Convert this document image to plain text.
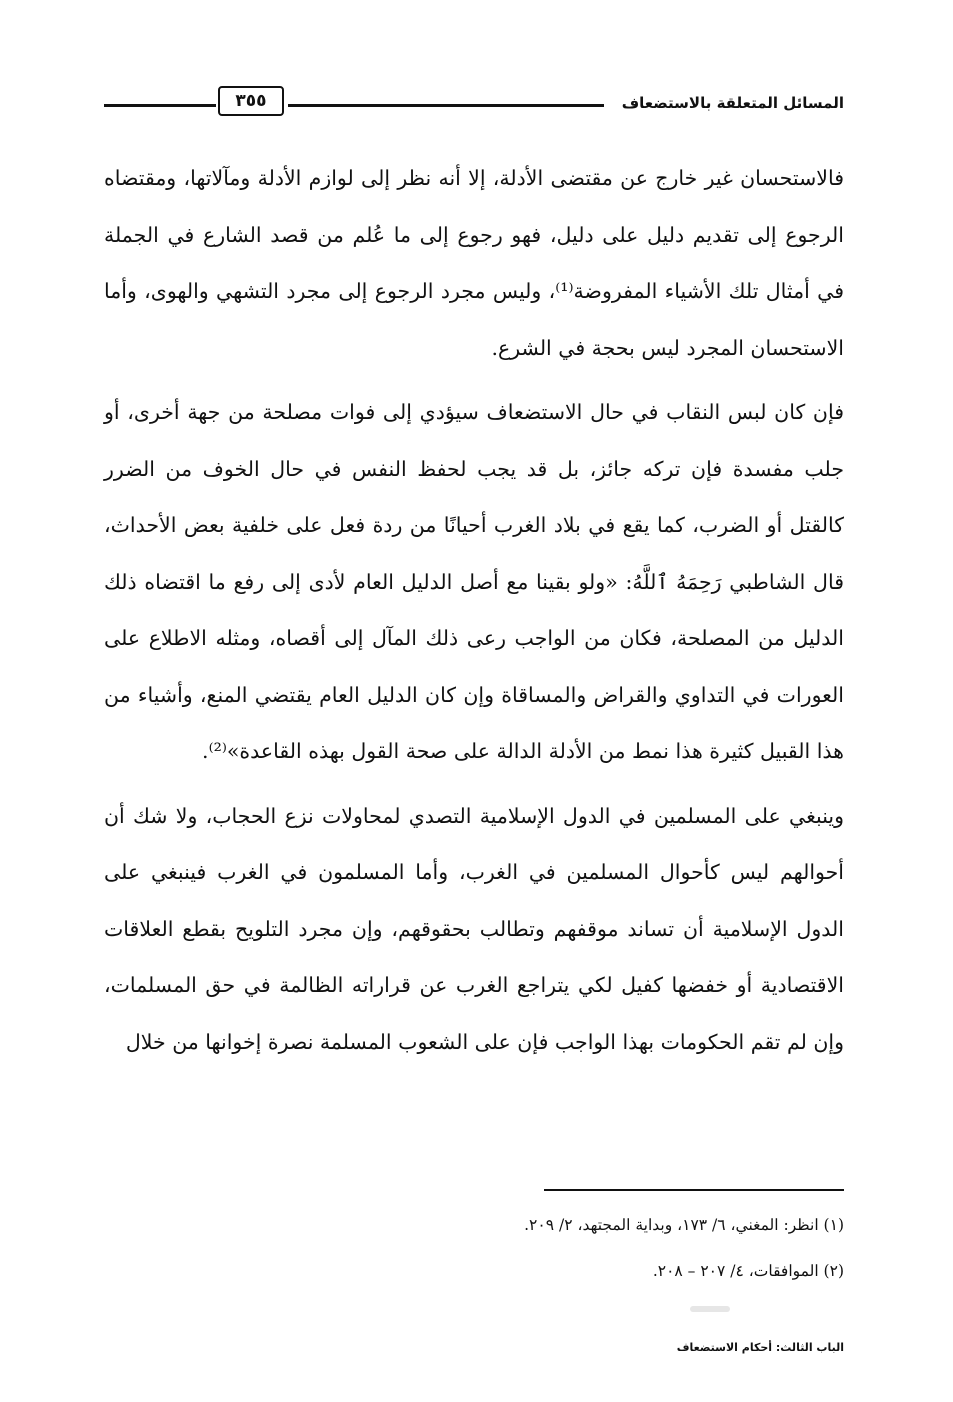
٣٥٥	المسائل المتعلقة بالاستضعاف

فالاستحسان غير خارج عن مقتضى الأدلة، إلا أنه نظر إلى لوازم الأدلة ومآلاتها، ومقتضاه الرجوع إلى تقديم دليل على دليل، فهو رجوع إلى ما عُلم من قصد الشارع في الجملة في أمثال تلك الأشياء المفروضة⁽¹⁾، وليس مجرد الرجوع إلى مجرد التشهي والهوى، وأما الاستحسان المجرد ليس بحجة في الشرع.

فإن كان لبس النقاب في حال الاستضعاف سيؤدي إلى فوات مصلحة من جهة أخرى، أو جلب مفسدة فإن تركه جائز، بل قد يجب لحفظ النفس في حال الخوف من الضرر كالقتل أو الضرب، كما يقع في بلاد الغرب أحيانًا من ردة فعل على خلفية بعض الأحداث، قال الشاطبي رَحِمَهُ ٱللَّهُ: «ولو بقينا مع أصل الدليل العام لأدى إلى رفع ما اقتضاه ذلك الدليل من المصلحة، فكان من الواجب رعى ذلك المآل إلى أقصاه، ومثله الاطلاع على العورات في التداوي والقراض والمساقاة وإن كان الدليل العام يقتضي المنع، وأشياء من هذا القبيل كثيرة هذا نمط من الأدلة الدالة على صحة القول بهذه القاعدة»⁽²⁾.

وينبغي على المسلمين في الدول الإسلامية التصدي لمحاولات نزع الحجاب، ولا شك أن أحوالهم ليس كأحوال المسلمين في الغرب، وأما المسلمون في الغرب فينبغي على الدول الإسلامية أن تساند موقفهم وتطالب بحقوقهم، وإن مجرد التلويح بقطع العلاقات الاقتصادية أو خفضها كفيل لكي يتراجع الغرب عن قراراته الظالمة في حق المسلمات، وإن لم تقم الحكومات بهذا الواجب فإن على الشعوب المسلمة نصرة إخوانها من خلال

(١) انظر: المغني، ٦/ ١٧٣، وبداية المجتهد، ٢/ ٢٠٩.

(٢) الموافقات، ٤/ ٢٠٧ – ٢٠٨.

الباب الثالث: أحكام الاستضعاف
